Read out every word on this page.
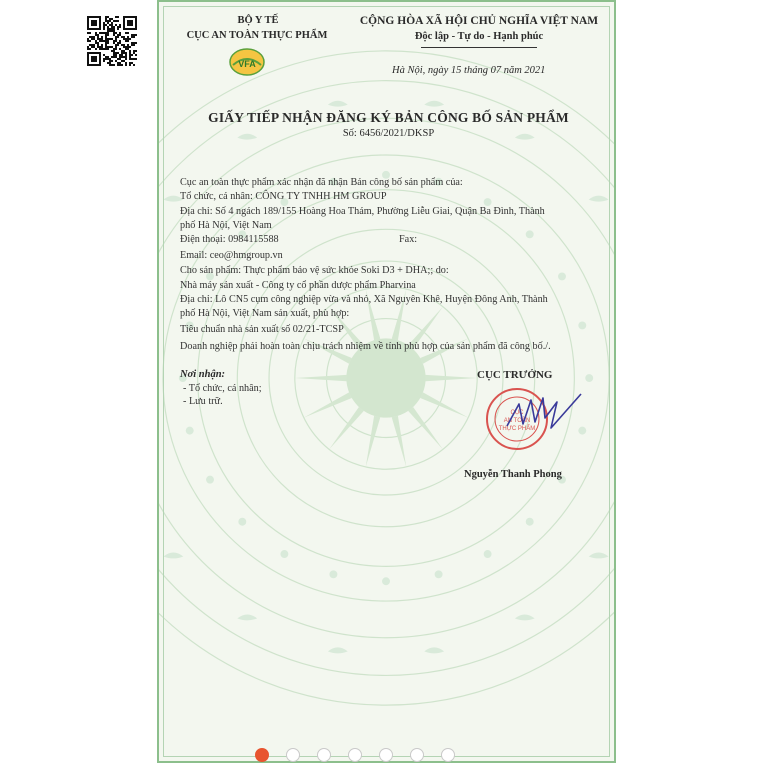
BỘ Y TẾ
CỤC AN TOÀN THỰC PHẨM
VFA
CỘNG HÒA XÃ HỘI CHỦ NGHĨA VIỆT NAM
Độc lập - Tự do - Hạnh phúc
Hà Nội, ngày 15 tháng 07 năm 2021
GIẤY TIẾP NHẬN ĐĂNG KÝ BẢN CÔNG BỐ SẢN PHẨM
Số: 6456/2021/DKSP
Cục an toàn thực phẩm xác nhận đã nhận Bản công bố sản phẩm của:
Tổ chức, cá nhân: CÔNG TY TNHH HM GROUP
Địa chỉ: Số 4 ngách 189/155 Hoàng Hoa Thám, Phường Liễu Giai, Quận Ba Đình, Thành
phố Hà Nội, Việt Nam
Điện thoại: 0984115588	Fax:
Email: ceo@hmgroup.vn
Cho sản phẩm: Thực phẩm bảo vệ sức khỏe Soki D3 + DHA;; do:
Nhà máy sản xuất - Công ty cổ phần dược phẩm Pharvina
Địa chỉ: Lô CN5 cụm công nghiệp vừa và nhỏ, Xã Nguyên Khê, Huyện Đông Anh, Thành
phố Hà Nội, Việt Nam sản xuất, phù hợp:
Tiêu chuẩn nhà sản xuất số 02/21-TCSP
Doanh nghiệp phải hoàn toàn chịu trách nhiệm về tính phù hợp của sản phẩm đã công bố./.
Nơi nhận:
- Tổ chức, cá nhân;
- Lưu trữ.
CỤC TRƯỞNG
CỤC
AN TOÀN
THỰC PHẨM
Nguyễn Thanh Phong
